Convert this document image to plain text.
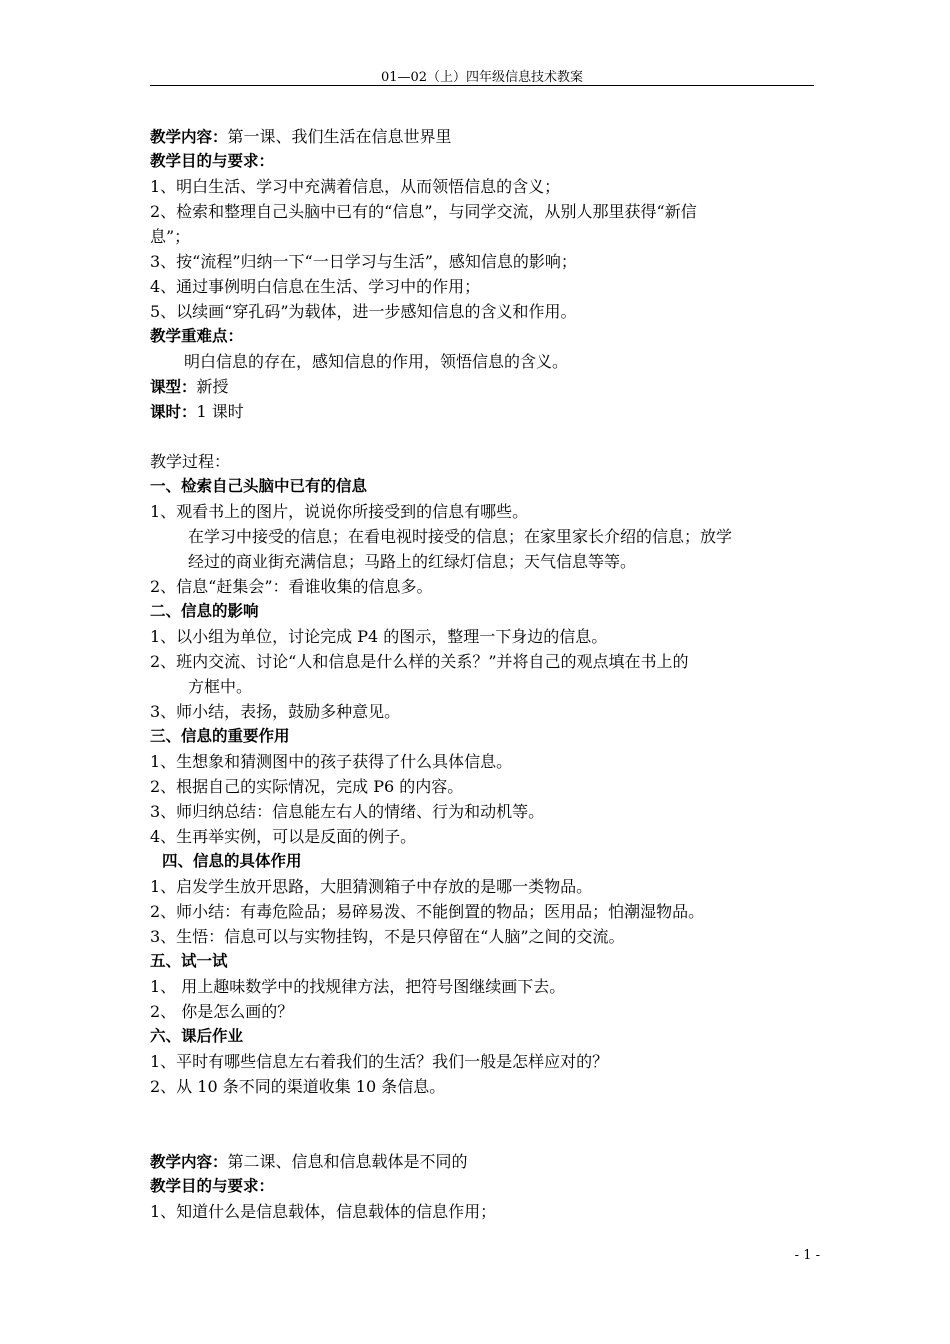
01—02（上）四年级信息技术教案
教学内容：第一课、我们生活在信息世界里
教学目的与要求：
1、明白生活、学习中充满着信息，从而领悟信息的含义；
2、检索和整理自己头脑中已有的“信息”，与同学交流，从别人那里获得“新信
息”；
3、按“流程”归纳一下“一日学习与生活”，感知信息的影响；
4、通过事例明白信息在生活、学习中的作用；
5、以续画“穿孔码”为载体，进一步感知信息的含义和作用。
教学重难点：
明白信息的存在，感知信息的作用，领悟信息的含义。
课型：新授
课时：1 课时
教学过程：
一、检索自己头脑中已有的信息
1、观看书上的图片，说说你所接受到的信息有哪些。
在学习中接受的信息；在看电视时接受的信息；在家里家长介绍的信息；放学
经过的商业街充满信息；马路上的红绿灯信息；天气信息等等。
2、信息“赶集会”：看谁收集的信息多。
二、信息的影响
1、以小组为单位，讨论完成 P4 的图示，整理一下身边的信息。
2、班内交流、讨论“人和信息是什么样的关系？”并将自己的观点填在书上的
方框中。
3、师小结，表扬，鼓励多种意见。
三、信息的重要作用
1、生想象和猜测图中的孩子获得了什么具体信息。
2、根据自己的实际情况，完成 P6 的内容。
3、师归纳总结：信息能左右人的情绪、行为和动机等。
4、生再举实例，可以是反面的例子。
四、信息的具体作用
1、启发学生放开思路，大胆猜测箱子中存放的是哪一类物品。
2、师小结：有毒危险品；易碎易泼、不能倒置的物品；医用品；怕潮湿物品。
3、生悟：信息可以与实物挂钩，不是只停留在“人脑”之间的交流。
五、试一试
1、 用上趣味数学中的找规律方法，把符号图继续画下去。
2、 你是怎么画的？
六、课后作业
1、平时有哪些信息左右着我们的生活？我们一般是怎样应对的？
2、从 10 条不同的渠道收集 10 条信息。
教学内容：第二课、信息和信息载体是不同的
教学目的与要求：
1、知道什么是信息载体，信息载体的信息作用；
- 1 -
